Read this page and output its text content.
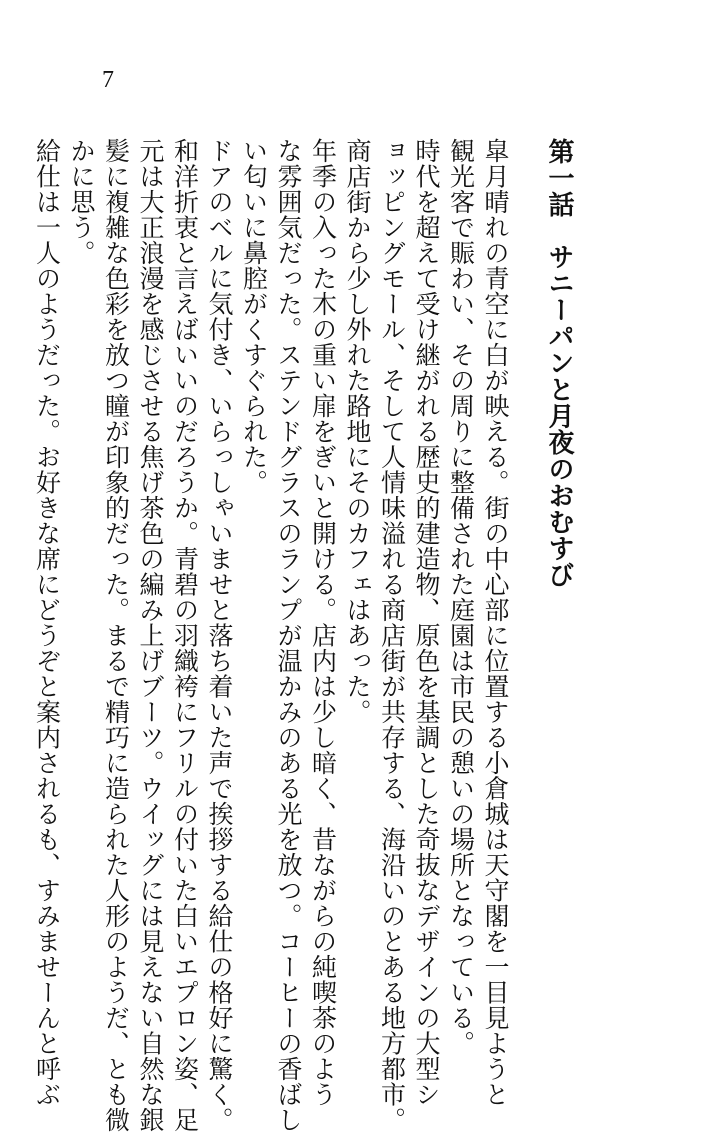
7
第一話サニーパンと月夜のおむすび
皐月晴れの青空に白が映える。街の中心部に位置する小倉城は天守閣を一目見ようと
観光客で賑わい、その周りに整備された庭園は市民の憩いの場所となっている。
時代を超えて受け継がれる歴史的建造物、原色を基調とした奇抜なデザインの大型シ
ョッピングモール、そして人情味溢れる商店街が共存する、海沿いのとある地方都市。
商店街から少し外れた路地にそのカフェはあった。
年季の入った木の重い扉をぎいと開ける。店内は少し暗く、昔ながらの純喫茶のよう
な雰囲気だった。ステンドグラスのランプが温かみのある光を放つ。コーヒーの香ばし
い匂いに鼻腔がくすぐられた。
ドアのベルに気付き、いらっしゃいませと落ち着いた声で挨拶する給仕の格好に驚く。
和洋折衷と言えばいいのだろうか。青碧の羽織袴にフリルの付いた白いエプロン姿、足
元は大正浪漫を感じさせる焦げ茶色の編み上げブーツ。ウイッグには見えない自然な銀
髪に複雑な色彩を放つ瞳が印象的だった。まるで精巧に造られた人形のようだ、とも微
かに思う。
給仕は一人のようだった。お好きな席にどうぞと案内されるも、すみませーんと呼ぶ
